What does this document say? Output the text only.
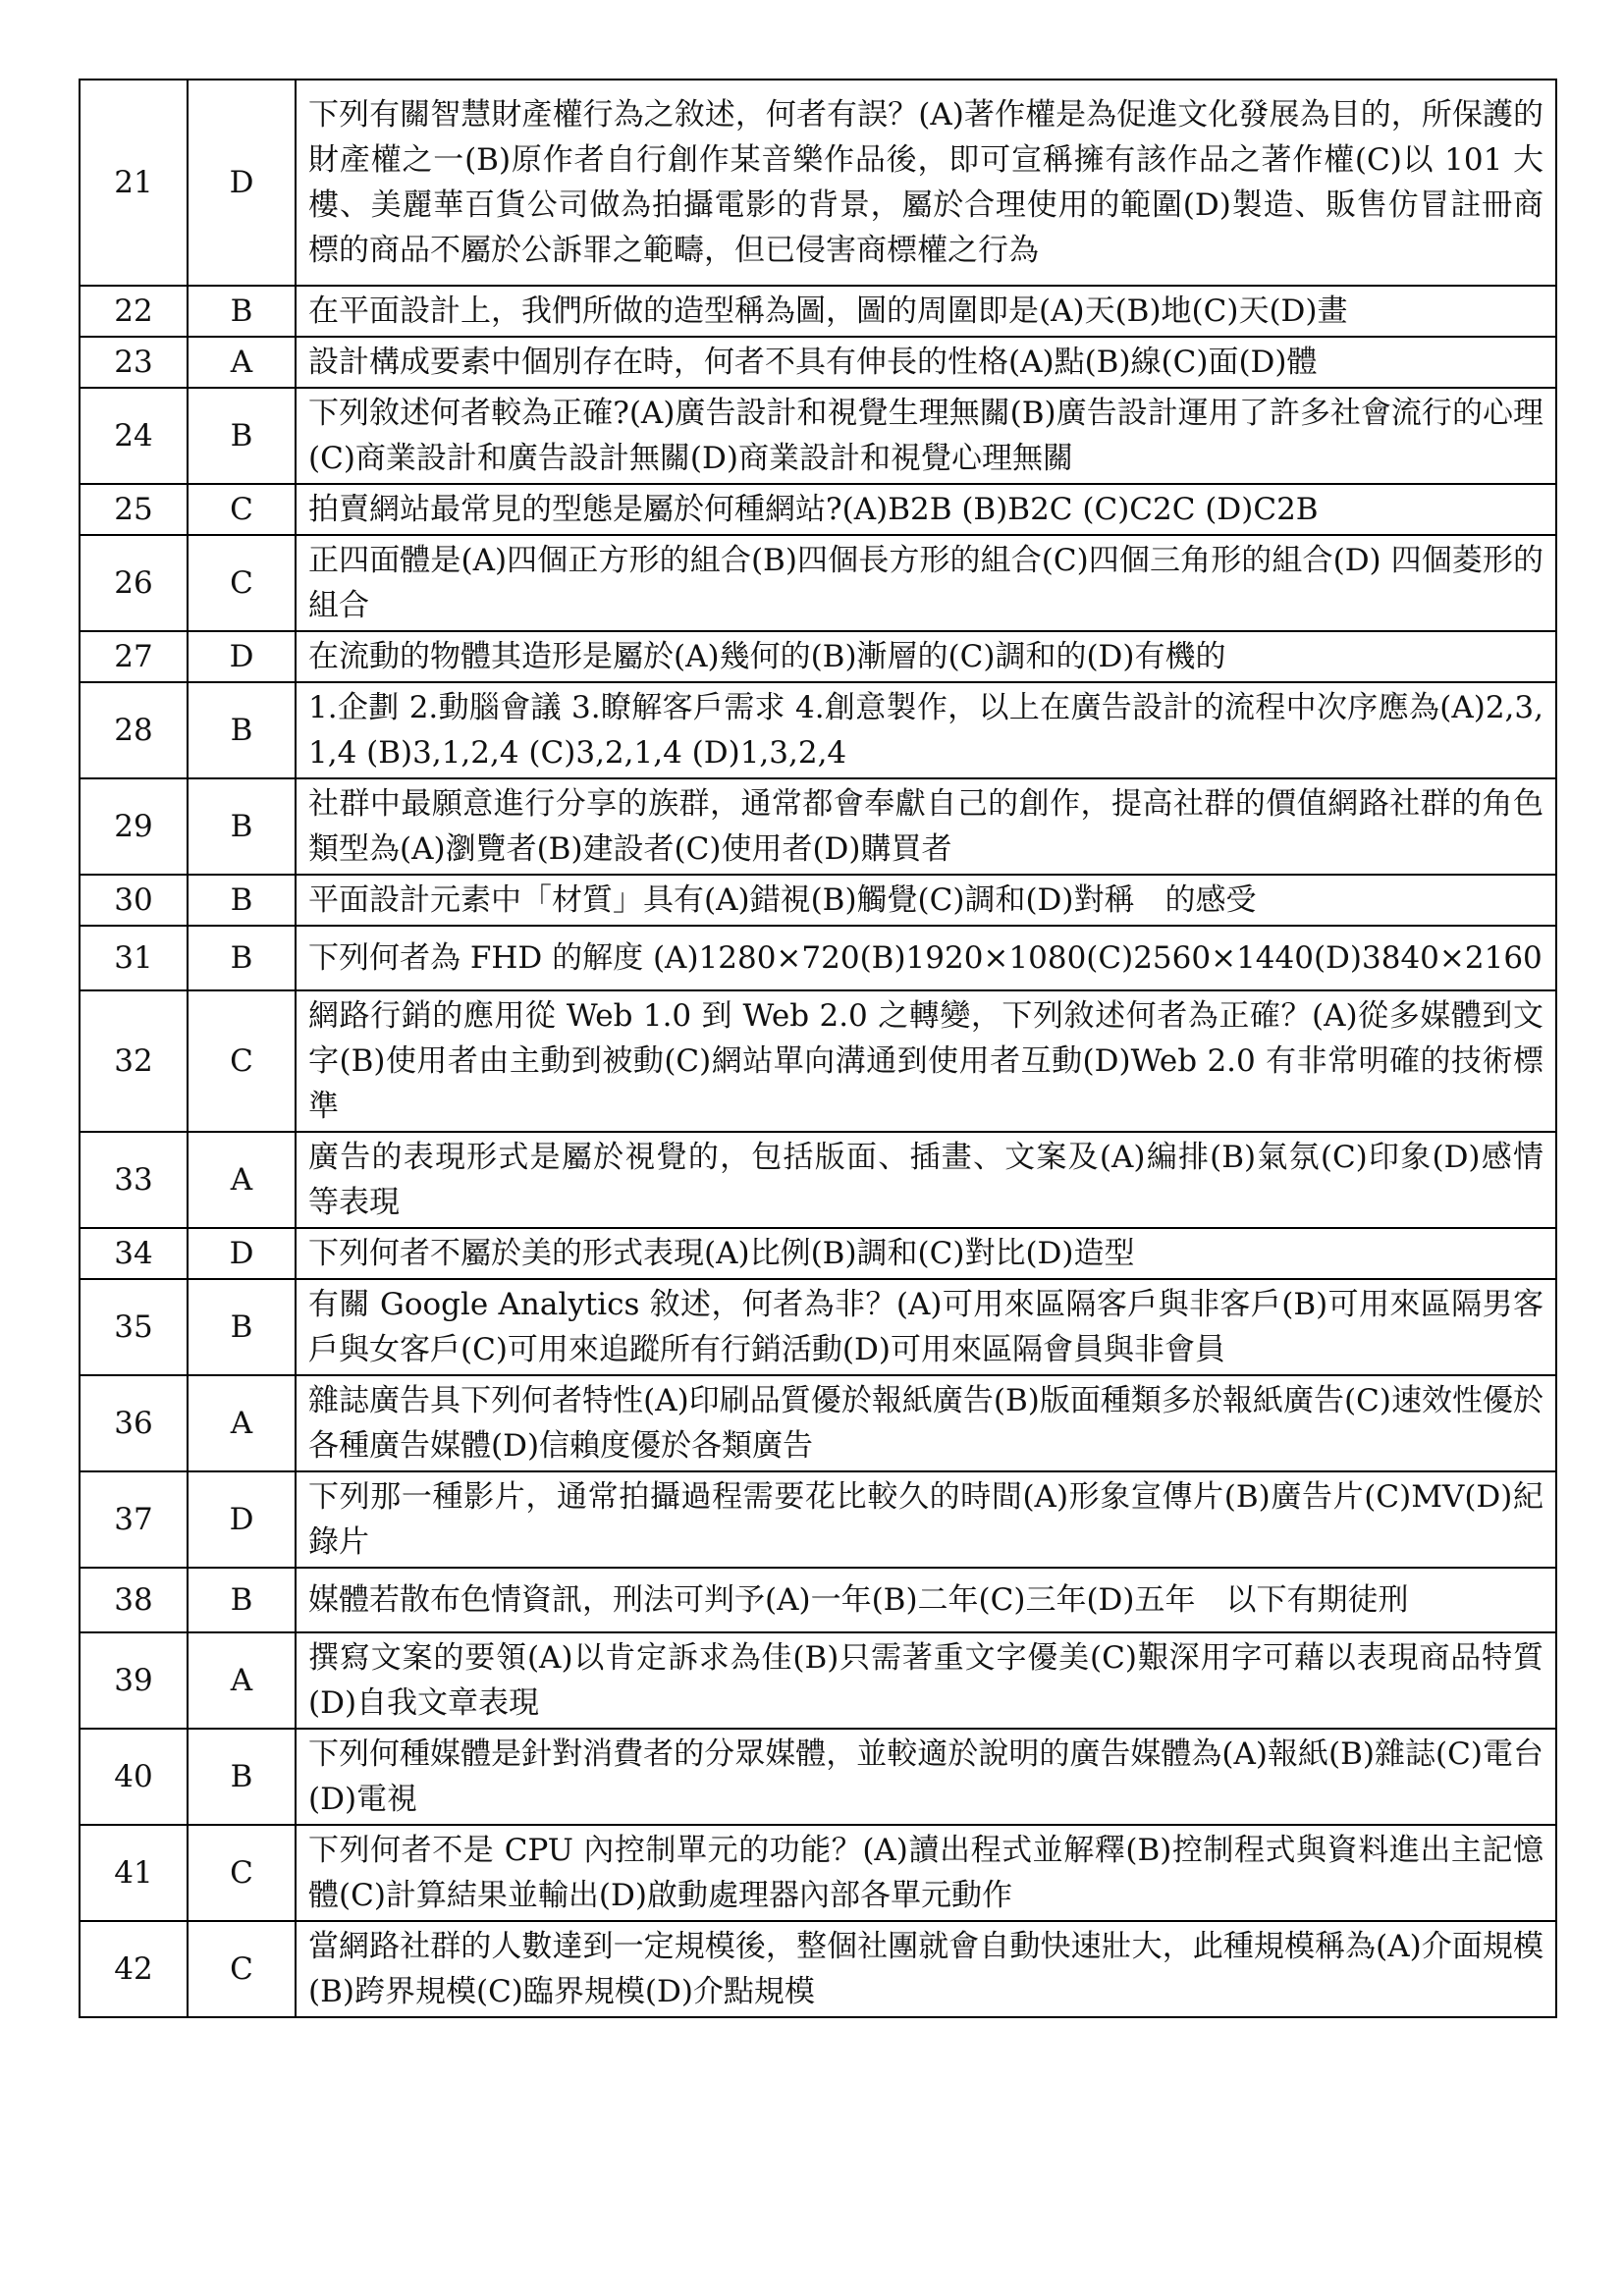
21	D	下列有關智慧財產權行為之敘述，何者有誤？(A)著作權是為促進文化發展為目的，所保護的財產權之一(B)原作者自行創作某音樂作品後，即可宣稱擁有該作品之著作權(C)以 101 大樓、美麗華百貨公司做為拍攝電影的背景，屬於合理使用的範圍(D)製造、販售仿冒註冊商標的商品不屬於公訴罪之範疇，但已侵害商標權之行為
22	B	在平面設計上，我們所做的造型稱為圖，圖的周圍即是(A)天(B)地(C)天(D)畫
23	A	設計構成要素中個別存在時，何者不具有伸長的性格(A)點(B)線(C)面(D)體
24	B	下列敘述何者較為正確?(A)廣告設計和視覺生理無關(B)廣告設計運用了許多社會流行的心理(C)商業設計和廣告設計無關(D)商業設計和視覺心理無關
25	C	拍賣網站最常見的型態是屬於何種網站?(A)B2B (B)B2C (C)C2C (D)C2B
26	C	正四面體是(A)四個正方形的組合(B)四個長方形的組合(C)四個三角形的組合(D) 四個菱形的組合
27	D	在流動的物體其造形是屬於(A)幾何的(B)漸層的(C)調和的(D)有機的
28	B	1.企劃 2.動腦會議 3.瞭解客戶需求 4.創意製作，以上在廣告設計的流程中次序應為(A)2,3,1,4 (B)3,1,2,4 (C)3,2,1,4 (D)1,3,2,4
29	B	社群中最願意進行分享的族群，通常都會奉獻自己的創作，提高社群的價值網路社群的角色類型為(A)瀏覽者(B)建設者(C)使用者(D)購買者
30	B	平面設計元素中「材質」具有(A)錯視(B)觸覺(C)調和(D)對稱　的感受
31	B	下列何者為 FHD 的解度 (A)1280×720(B)1920×1080(C)2560×1440(D)3840×2160
32	C	網路行銷的應用從 Web 1.0 到 Web 2.0 之轉變，下列敘述何者為正確？(A)從多媒體到文字(B)使用者由主動到被動(C)網站單向溝通到使用者互動(D)Web 2.0 有非常明確的技術標準
33	A	廣告的表現形式是屬於視覺的，包括版面、插畫、文案及(A)編排(B)氣氛(C)印象(D)感情　等表現
34	D	下列何者不屬於美的形式表現(A)比例(B)調和(C)對比(D)造型
35	B	有關 Google Analytics 敘述，何者為非？(A)可用來區隔客戶與非客戶(B)可用來區隔男客戶與女客戶(C)可用來追蹤所有行銷活動(D)可用來區隔會員與非會員
36	A	雜誌廣告具下列何者特性(A)印刷品質優於報紙廣告(B)版面種類多於報紙廣告(C)速效性優於各種廣告媒體(D)信賴度優於各類廣告
37	D	下列那一種影片，通常拍攝過程需要花比較久的時間(A)形象宣傳片(B)廣告片(C)MV(D)紀錄片
38	B	媒體若散布色情資訊，刑法可判予(A)一年(B)二年(C)三年(D)五年　以下有期徒刑
39	A	撰寫文案的要領(A)以肯定訴求為佳(B)只需著重文字優美(C)艱深用字可藉以表現商品特質(D)自我文章表現
40	B	下列何種媒體是針對消費者的分眾媒體，並較適於說明的廣告媒體為(A)報紙(B)雜誌(C)電台(D)電視
41	C	下列何者不是 CPU 內控制單元的功能？(A)讀出程式並解釋(B)控制程式與資料進出主記憶體(C)計算結果並輸出(D)啟動處理器內部各單元動作
42	C	當網路社群的人數達到一定規模後，整個社團就會自動快速壯大，此種規模稱為(A)介面規模(B)跨界規模(C)臨界規模(D)介點規模
